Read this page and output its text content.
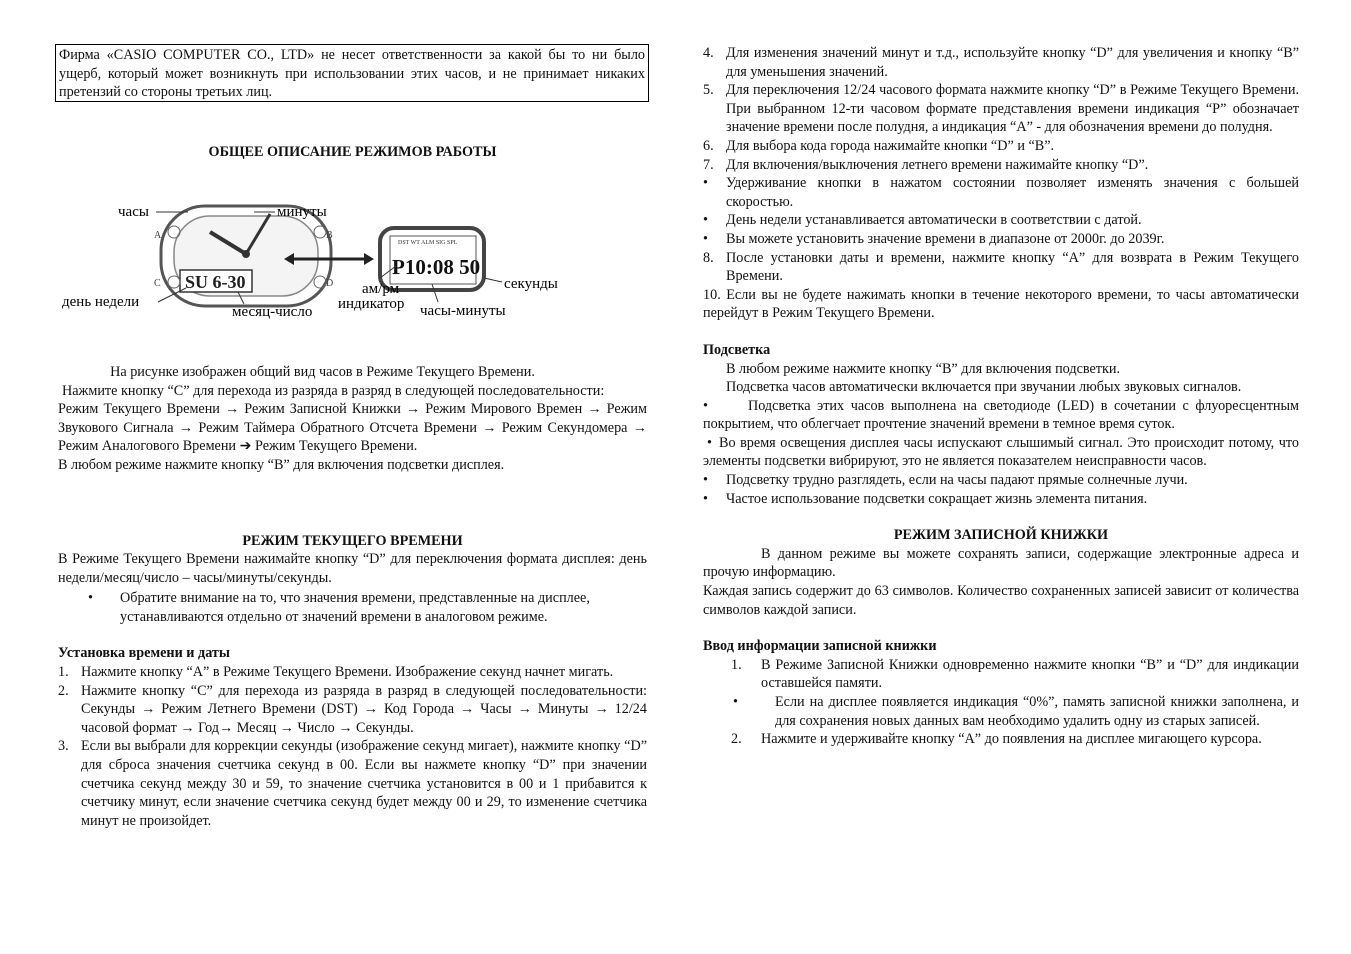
Фирма «CASIO COMPUTER CO., LTD» не несет ответственности за какой бы то ни было ущерб, который может возникнуть при использовании этих часов, и не принимает никаких претензий со стороны третьих лиц.
ОБЩЕЕ ОПИСАНИЕ РЕЖИМОВ РАБОТЫ
SU 6-30
A
C
B
D
DST WT ALM SIG SPL
P10:08 50
часы	минуты
день недели
месяц-число
ам/рм
индикатор часы-минуты
секунды

На рисунке изображен общий вид часов в Режиме Текущего Времени.

Нажмите кнопку “С” для перехода из разряда в разряд в следующей последовательности:

Режим Текущего Времени → Режим Записной Книжки → Режим Мирового Времен → Режим Звукового Сигнала → Режим Таймера Обратного Отсчета Времени → Режим Секундомера → Режим Аналогового Времени ➔ Режим Текущего Времени.

В любом режиме нажмите кнопку “В” для включения подсветки дисплея.

РЕЖИМ ТЕКУЩЕГО ВРЕМЕНИ

В Режиме Текущего Времени нажимайте кнопку “D” для переключения формата дисплея: день недели/месяц/число – часы/минуты/секунды.

• Обратите внимание на то, что значения времени, представленные на дисплее, устанавливаются отдельно от значений времени в аналоговом режиме.

Установка времени и даты

1. Нажмите кнопку “А” в Режиме Текущего Времени. Изображение секунд начнет мигать.
2. Нажмите кнопку “С” для перехода из разряда в разряд в следующей последовательности: Секунды → Режим Летнего Времени (DST) → Код Города → Часы → Минуты → 12/24 часовой формат → Год→ Месяц → Число → Секунды.
3. Если вы выбрали для коррекции секунды (изображение секунд мигает), нажмите кнопку “D” для сброса значения счетчика секунд в 00. Если вы нажмете кнопку “D” при значении счетчика секунд между 30 и 59, то значение счетчика установится в 00 и 1 прибавится к счетчику минут, если значение счетчика секунд будет между 00 и 29, то изменение счетчика минут не произойдет.
4. Для изменения значений минут и т.д., используйте кнопку “D” для увеличения и кнопку “В” для уменьшения значений.
5. Для переключения 12/24 часового формата нажмите кнопку “D” в Режиме Текущего Времени. При выбранном 12-ти часовом формате представления времени индикация “Р” обозначает значение времени после полудня, а индикация “А” - для обозначения времени до полудня.
6. Для выбора кода города нажимайте кнопки “D” и “В”.
7. Для включения/выключения летнего времени нажимайте кнопку “D”.
• Удерживание кнопки в нажатом состоянии позволяет изменять значения с большей скоростью.
• День недели устанавливается автоматически в соответствии с датой.
• Вы можете установить значение времени в диапазоне от 2000г. до 2039г.
8. После установки даты и времени, нажмите кнопку “А” для возврата в Режим Текущего Времени.

10. Если вы не будете нажимать кнопки в течение некоторого времени, то часы автоматически перейдут в Режим Текущего Времени.

Подсветка

В любом режиме нажмите кнопку “В” для включения подсветки.

Подсветка часов автоматически включается при звучании любых звуковых сигналов.

•	Подсветка этих часов выполнена на светодиоде (LED) в сочетании с флуоресцентным покрытием, что облегчает прочтение значений времени в темное время суток.

• Во время освещения дисплея часы испускают слышимый сигнал. Это происходит потому, что элементы подсветки вибрируют, это не является показателем неисправности часов.

• Подсветку трудно разглядеть, если на часы падают прямые солнечные лучи.
• Частое использование подсветки сокращает жизнь элемента питания.
РЕЖИМ ЗАПИСНОЙ КНИЖКИ

В данном режиме вы можете сохранять записи, содержащие электронные адреса и прочую информацию.

Каждая запись содержит до 63 символов. Количество сохраненных записей зависит от количества символов каждой записи.

Ввод информации записной книжки

1. В Режиме Записной Книжки одновременно нажмите кнопки “В” и “D” для индикации оставшейся памяти.
•	Если на дисплее появляется индикация “0%”, память записной книжки заполнена, и для сохранения новых данных вам необходимо удалить одну из старых записей.
2. Нажмите и удерживайте кнопку “А” до появления на дисплее мигающего курсора.
